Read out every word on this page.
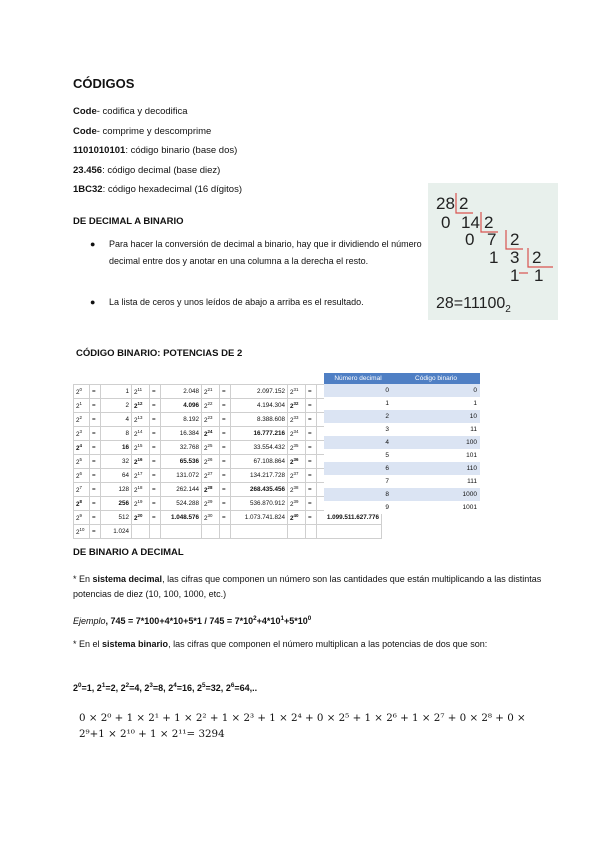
CÓDIGOS
Code- codifica y decodifica
Code- comprime y descomprime
1101010101: código binario (base dos)
23.456: código decimal (base diez)
1BC32: código hexadecimal (16 dígitos)
DE DECIMAL A BINARIO
● Para hacer la conversión de decimal a binario, hay que ir dividiendo el número decimal entre dos y anotar en una columna a la derecha el resto.
● La lista de ceros y unos leídos de abajo a arriba es el resultado.
28 2
0 14 2
0 7 2
1 3 2
1 1
$28=11100_2$
CÓDIGO BINARIO: POTENCIAS DE 2
$2^0$	=	1	$2^{11}$	=	2.048	$2^{21}$	=	2.097.152	$2^{31}$	=	
$2^1$	=	2	$2^{12}$	=	4.096	$2^{22}$	=	4.194.304	$2^{32}$	=	
$2^2$	=	4	$2^{13}$	=	8.192	$2^{23}$	=	8.388.608	$2^{33}$	=	
$2^3$	=	8	$2^{14}$	=	16.384	$2^{24}$	=	16.777.216	$2^{34}$	=	
$2^4$	=	16	$2^{15}$	=	32.768	$2^{25}$	=	33.554.432	$2^{35}$	=	
$2^5$	=	32	$2^{16}$	=	65.536	$2^{26}$	=	67.108.864	$2^{36}$	=	
$2^6$	=	64	$2^{17}$	=	131.072	$2^{27}$	=	134.217.728	$2^{37}$	=	
$2^7$	=	128	$2^{18}$	=	262.144	$2^{28}$	=	268.435.456	$2^{38}$	=	
$2^8$	=	256	$2^{19}$	=	524.288	$2^{29}$	=	536.870.912	$2^{39}$	=	
$2^9$	=	512	$2^{20}$	=	1.048.576	$2^{30}$	=	1.073.741.824	$2^{40}$	=	1.099.511.627.776
$2^{10}$	=	1.024									
Número decimal	Código binario
0	0
1	1
2	10
3	11
4	100
5	101
6	110
7	111
8	1000
9	1001
DE BINARIO A DECIMAL
* En sistema decimal, las cifras que componen un número son las cantidades que están multiplicando a las distintas potencias de diez (10, 100, 1000, etc.)
Ejemplo, $745 = 7*100+4*10+5*1 / 745 = 7*10^2+4*10^1+5*10^0$
* En el sistema binario, las cifras que componen el número multiplican a las potencias de dos que son:
$2^0=1$, $2^1=2$, $2^2=4$, $2^3=8$, $2^4=16$, $2^5=32$, $2^6=64$,..
0 × 2⁰ + 1 × 2¹ + 1 × 2² + 1 × 2³ + 1 × 2⁴ + 0 × 2⁵ + 1 × 2⁶ + 1 × 2⁷ + 0 × 2⁸ + 0 ×
2⁹+1 × 2¹⁰ + 1 × 2¹¹= 3294
